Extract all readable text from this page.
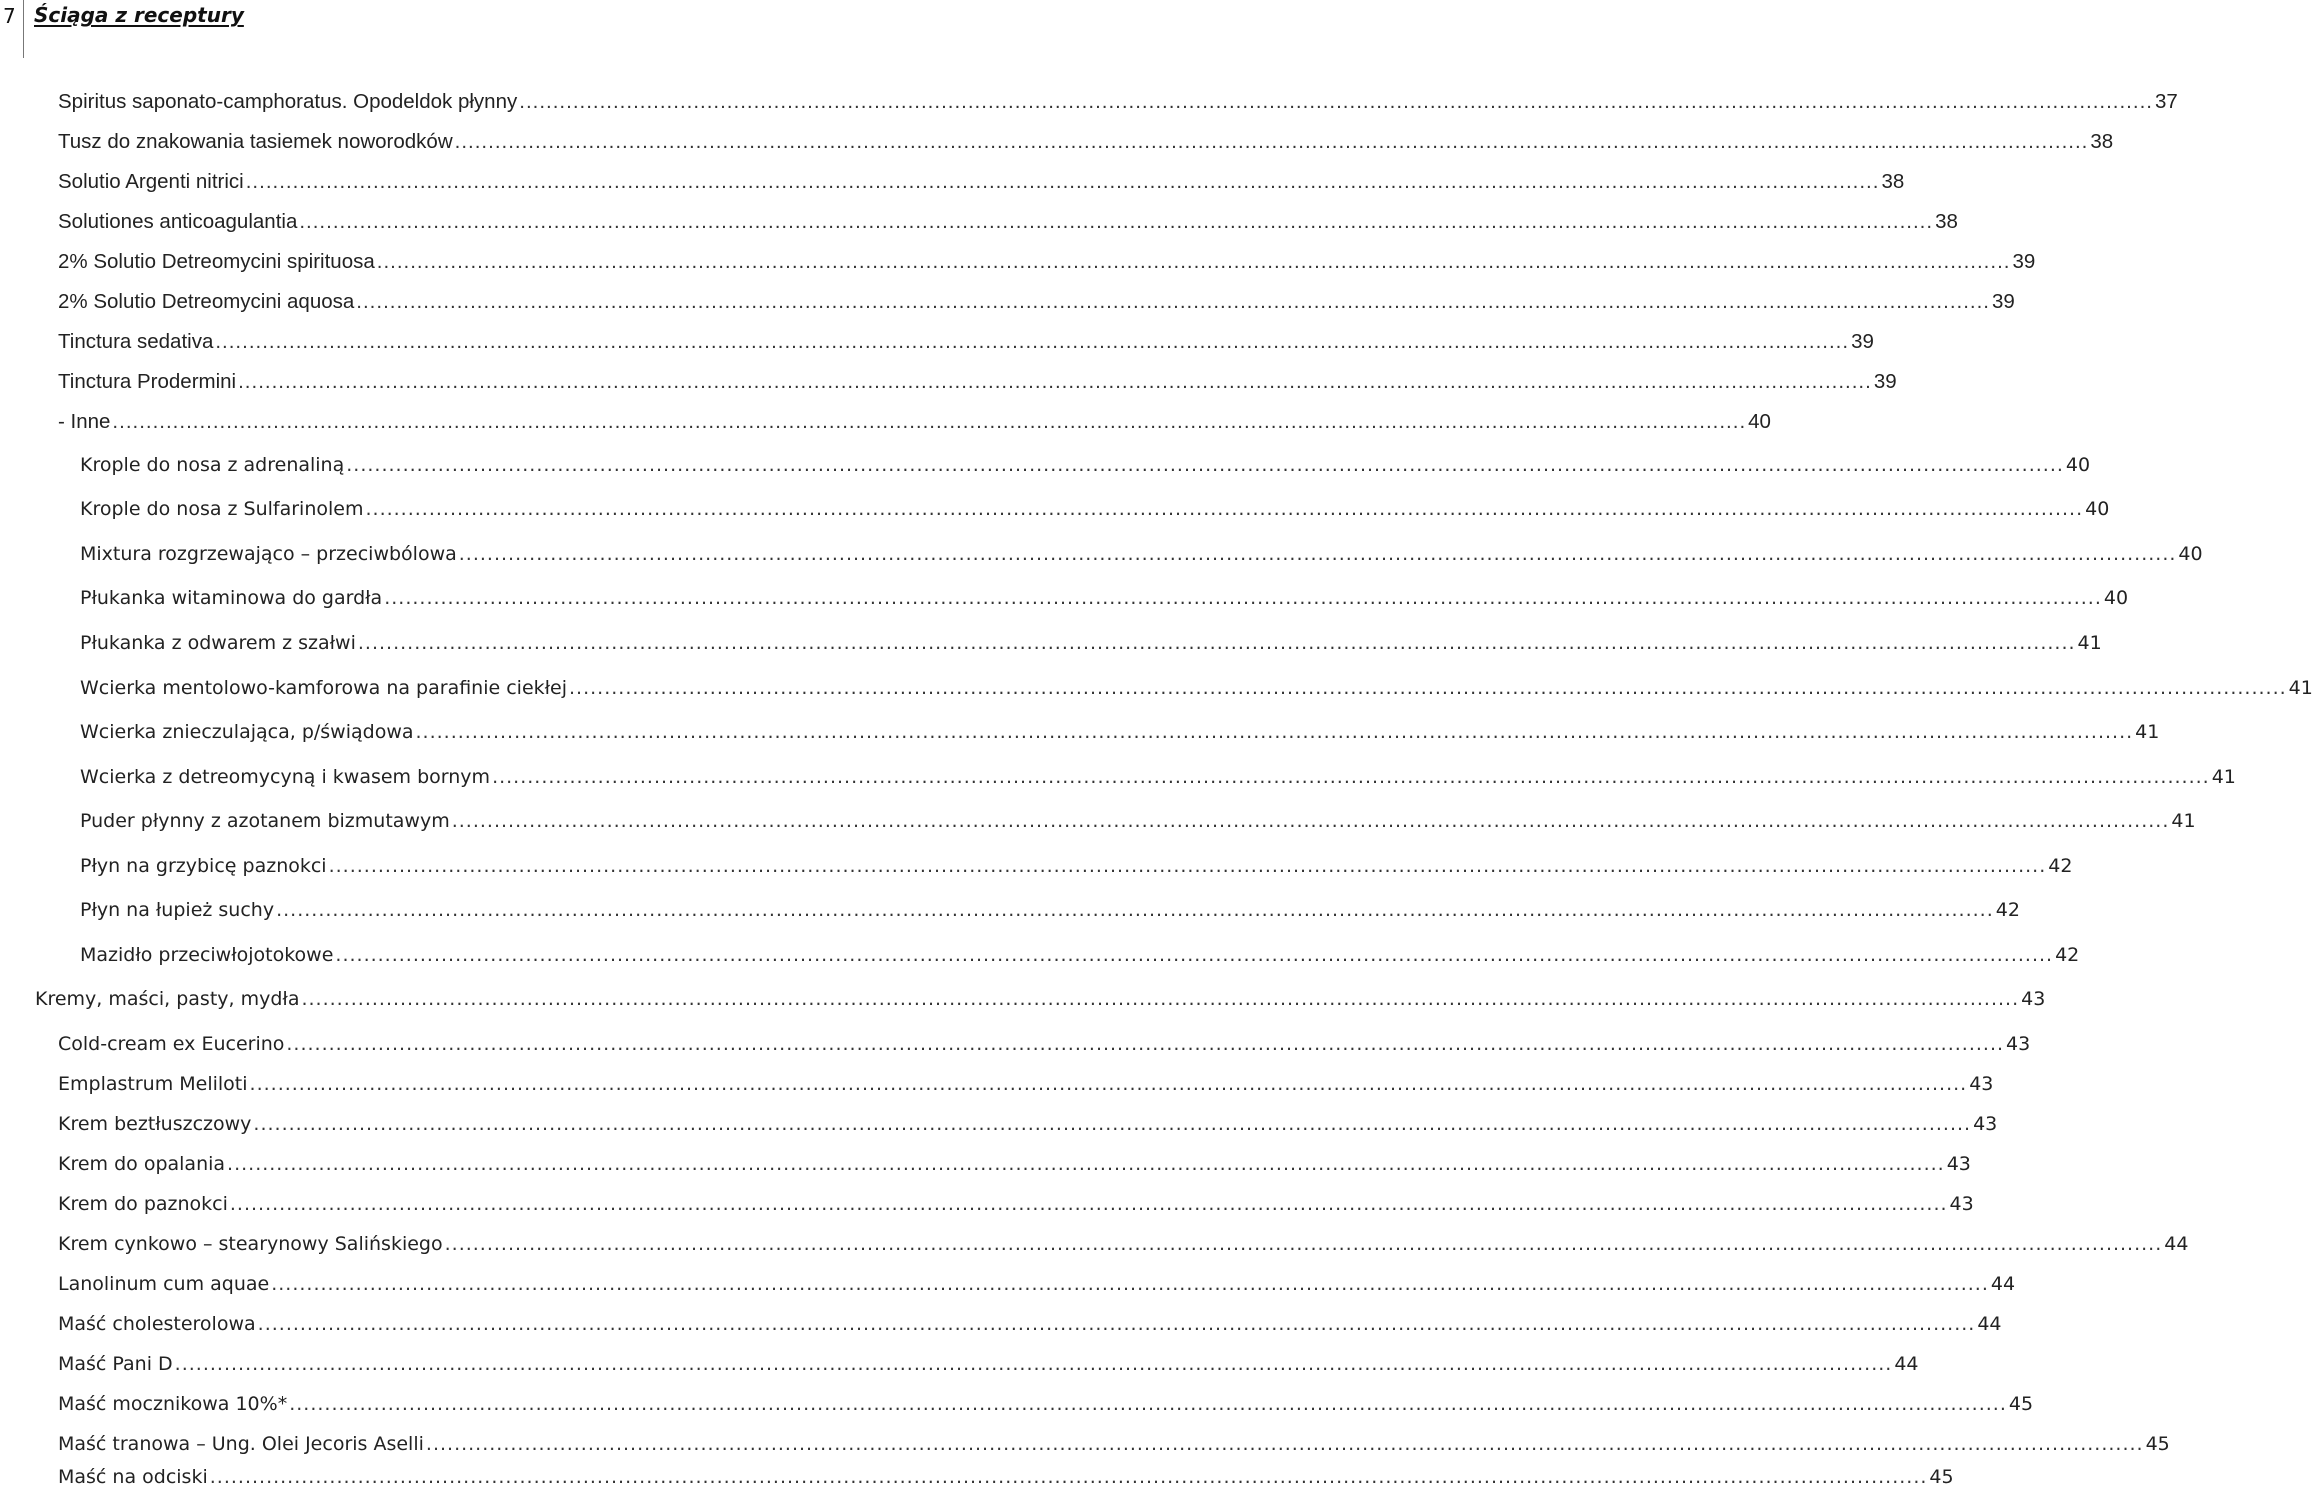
7 Ściąga z receptury
Spiritus saponato-camphoratus. Opodeldok płynny .....	37
Tusz do znakowania tasiemek noworodków .....	38
Solutio Argenti nitrici .....	38
Solutiones anticoagulantia .....	38
2% Solutio Detreomycini spirituosa .....	39
2% Solutio Detreomycini aquosa .....	39
Tinctura sedativa .....	39
Tinctura Prodermini .....	39
- Inne .....	40
Krople do nosa z adrenaliną .....	40
Krople do nosa z Sulfarinolem .....	40
Mixtura rozgrzewająco – przeciwbólowa .....	40
Płukanka witaminowa do gardła .....	40
Płukanka z odwarem z szałwi .....	41
Wcierka mentolowo-kamforowa na parafinie ciekłej .....	41
Wcierka znieczulająca, p/świądowa .....	41
Wcierka z detreomycyną i kwasem bornym .....	41
Puder płynny z azotanem bizmutawym .....	41
Płyn na grzybicę paznokci .....	42
Płyn na łupież suchy .....	42
Mazidło przeciwłojotokowe .....	42
Kremy, maści, pasty, mydła .....	43
Cold-cream ex Eucerino .....	43
Emplastrum Meliloti .....	43
Krem beztłuszczowy .....	43
Krem do opalania .....	43
Krem do paznokci .....	43
Krem cynkowo – stearynowy Salińskiego .....	44
Lanolinum cum aquae .....	44
Maść cholesterolowa .....	44
Maść Pani D .....	44
Maść mocznikowa 10%* .....	45
Maść tranowa – Ung. Olei Jecoris Aselli .....	45
Maść na odciski .....	45
